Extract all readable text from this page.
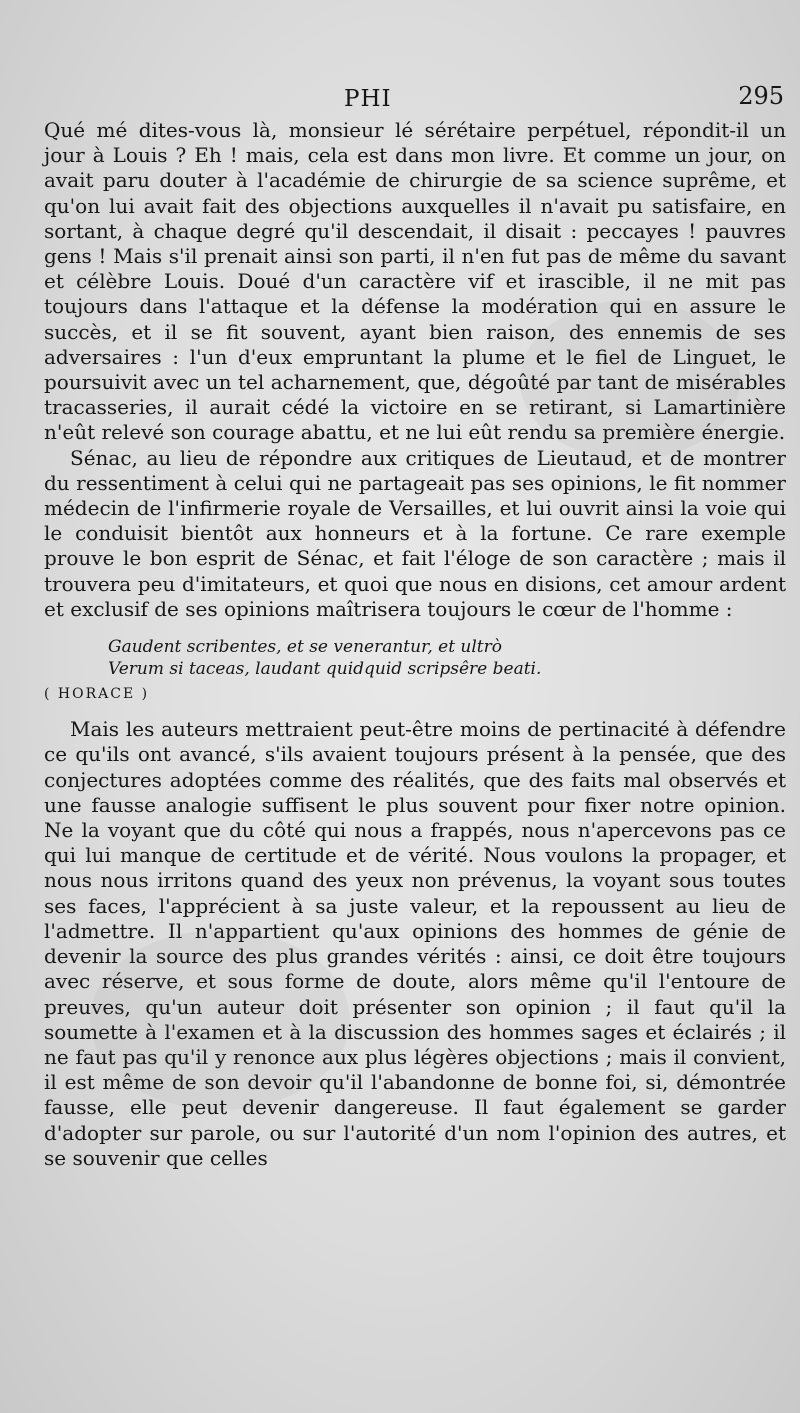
PHI	295

Qué mé dites-vous là, monsieur lé sérétaire perpétuel, répondit-il un jour à Louis ? Eh ! mais, cela est dans mon livre. Et comme un jour, on avait paru douter à l'académie de chirurgie de sa science suprême, et qu'on lui avait fait des objections auxquelles il n'avait pu satisfaire, en sortant, à chaque degré qu'il descendait, il disait : peccayes ! pauvres gens ! Mais s'il prenait ainsi son parti, il n'en fut pas de même du savant et célèbre Louis. Doué d'un caractère vif et irascible, il ne mit pas toujours dans l'attaque et la défense la modération qui en assure le succès, et il se fit souvent, ayant bien raison, des ennemis de ses adversaires : l'un d'eux empruntant la plume et le fiel de Linguet, le poursuivit avec un tel acharnement, que, dégoûté par tant de misérables tracasseries, il aurait cédé la victoire en se retirant, si Lamartinière n'eût relevé son courage abattu, et ne lui eût rendu sa première énergie.

Sénac, au lieu de répondre aux critiques de Lieutaud, et de montrer du ressentiment à celui qui ne partageait pas ses opinions, le fit nommer médecin de l'infirmerie royale de Versailles, et lui ouvrit ainsi la voie qui le conduisit bientôt aux honneurs et à la fortune. Ce rare exemple prouve le bon esprit de Sénac, et fait l'éloge de son caractère ; mais il trouvera peu d'imitateurs, et quoi que nous en disions, cet amour ardent et exclusif de ses opinions maîtrisera toujours le cœur de l'homme :

Gaudent scribentes, et se venerantur, et ultrò
Verum si taceas, laudant quidquid scripsêre beati.
( HORACE )

Mais les auteurs mettraient peut-être moins de pertinacité à défendre ce qu'ils ont avancé, s'ils avaient toujours présent à la pensée, que des conjectures adoptées comme des réalités, que des faits mal observés et une fausse analogie suffisent le plus souvent pour fixer notre opinion. Ne la voyant que du côté qui nous a frappés, nous n'apercevons pas ce qui lui manque de certitude et de vérité. Nous voulons la propager, et nous nous irritons quand des yeux non prévenus, la voyant sous toutes ses faces, l'apprécient à sa juste valeur, et la repoussent au lieu de l'admettre. Il n'appartient qu'aux opinions des hommes de génie de devenir la source des plus grandes vérités : ainsi, ce doit être toujours avec réserve, et sous forme de doute, alors même qu'il l'entoure de preuves, qu'un auteur doit présenter son opinion ; il faut qu'il la soumette à l'examen et à la discussion des hommes sages et éclairés ; il ne faut pas qu'il y renonce aux plus légères objections ; mais il convient, il est même de son devoir qu'il l'abandonne de bonne foi, si, démontrée fausse, elle peut devenir dangereuse. Il faut également se garder d'adopter sur parole, ou sur l'autorité d'un nom l'opinion des autres, et se souvenir que celles
